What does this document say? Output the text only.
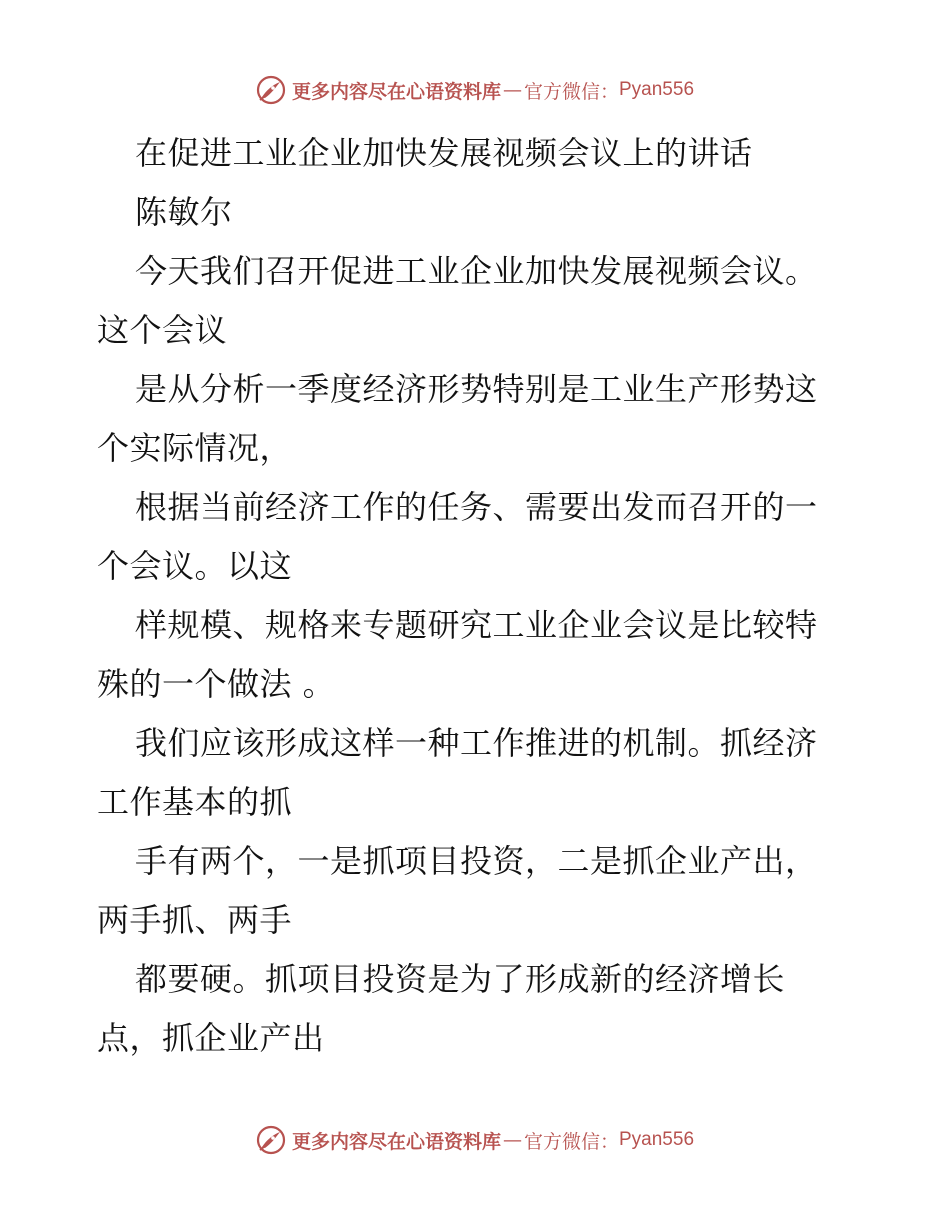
更多内容尽在心语资料库 — 官方微信： Pyan556
在促进工业企业加快发展视频会议上的讲话
陈敏尔
今天我们召开促进工业企业加快发展视频会议。
这个会议
是从分析一季度经济形势特别是工业生产形势这
个实际情况，
根据当前经济工作的任务、需要出发而召开的一
个会议。以这
样规模、规格来专题研究工业企业会议是比较特
殊的一个做法 。
我们应该形成这样一种工作推进的机制。抓经济
工作基本的抓
手有两个，一是抓项目投资，二是抓企业产出，
两手抓、两手
都要硬。抓项目投资是为了形成新的经济增长
点，抓企业产出
更多内容尽在心语资料库 — 官方微信： Pyan556
